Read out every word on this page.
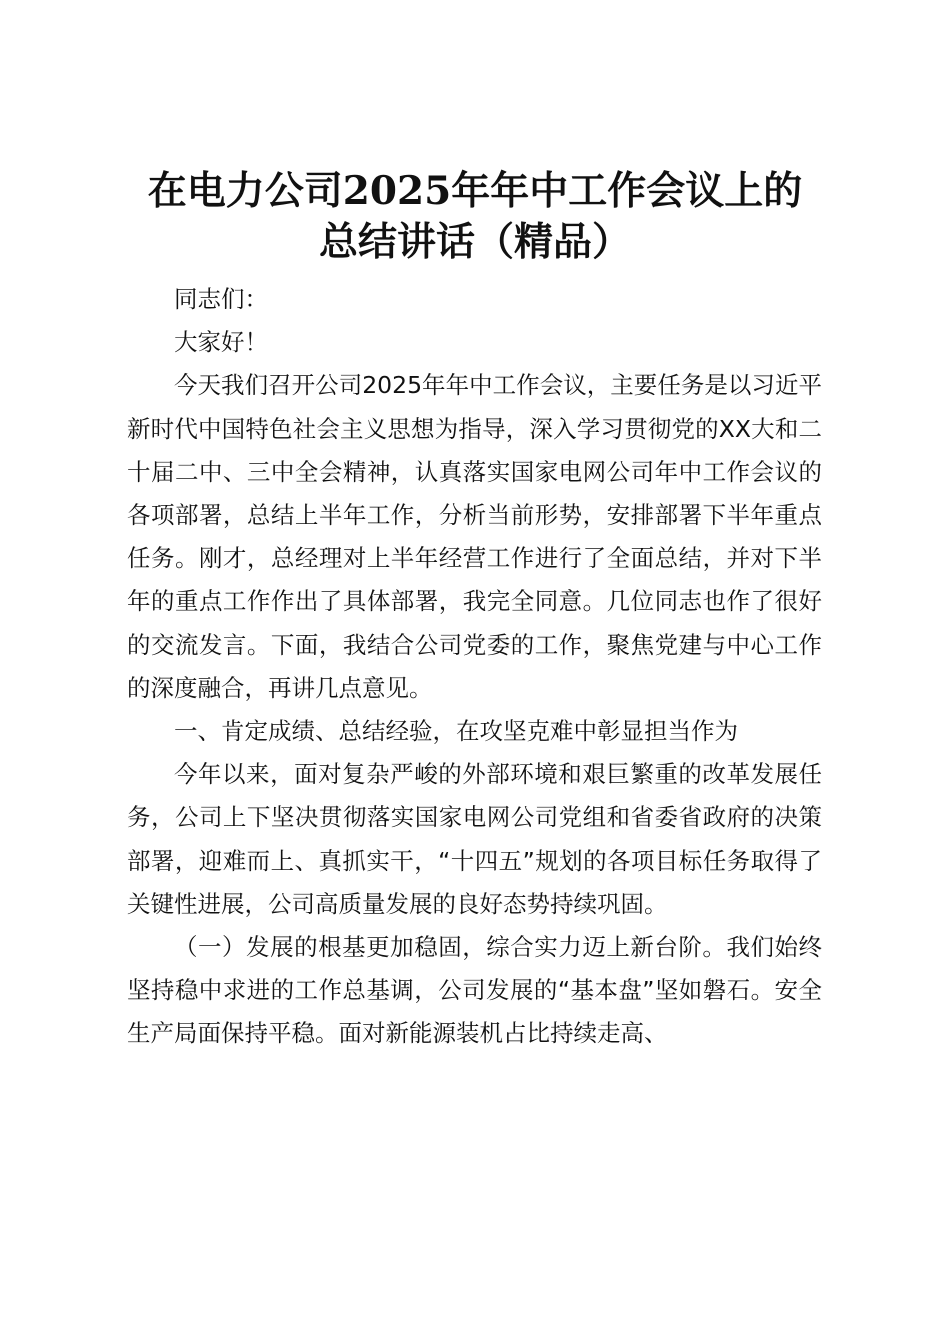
在电力公司2025年年中工作会议上的
总结讲话（精品）

同志们：

大家好！

今天我们召开公司2025年年中工作会议，主要任务是以习近平新时代中国特色社会主义思想为指导，深入学习贯彻党的XX大和二十届二中、三中全会精神，认真落实国家电网公司年中工作会议的各项部署，总结上半年工作，分析当前形势，安排部署下半年重点任务。刚才，总经理对上半年经营工作进行了全面总结，并对下半年的重点工作作出了具体部署，我完全同意。几位同志也作了很好的交流发言。下面，我结合公司党委的工作，聚焦党建与中心工作的深度融合，再讲几点意见。

一、肯定成绩、总结经验，在攻坚克难中彰显担当作为

今年以来，面对复杂严峻的外部环境和艰巨繁重的改革发展任务，公司上下坚决贯彻落实国家电网公司党组和省委省政府的决策部署，迎难而上、真抓实干，“十四五”规划的各项目标任务取得了关键性进展，公司高质量发展的良好态势持续巩固。

（一）发展的根基更加稳固，综合实力迈上新台阶。我们始终坚持稳中求进的工作总基调，公司发展的“基本盘”坚如磐石。安全生产局面保持平稳。面对新能源装机占比持续走高、
